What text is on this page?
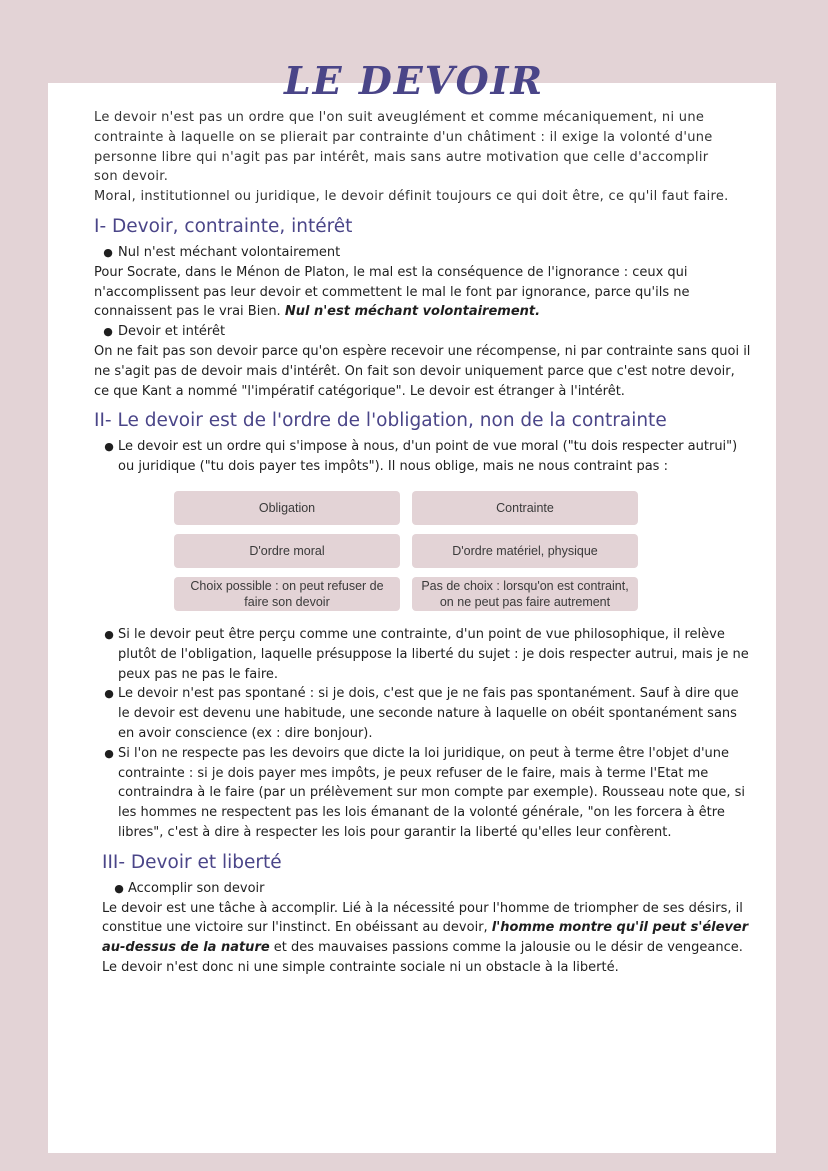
LE DEVOIR

Le devoir n'est pas un ordre que l'on suit aveuglément et comme mécaniquement, ni une contrainte à laquelle on se plierait par contrainte d'un châtiment : il exige la volonté d'une personne libre qui n'agit pas par intérêt, mais sans autre motivation que celle d'accomplir son devoir.

Moral, institutionnel ou juridique, le devoir définit toujours ce qui doit être, ce qu'il faut faire.

I- Devoir, contrainte, intérêt
● Nul n'est méchant volontairement

Pour Socrate, dans le Ménon de Platon, le mal est la conséquence de l'ignorance : ceux qui n'accomplissent pas leur devoir et commettent le mal le font par ignorance, parce qu'ils ne connaissent pas le vrai Bien. Nul n'est méchant volontairement.

● Devoir et intérêt

On ne fait pas son devoir parce qu'on espère recevoir une récompense, ni par contrainte sans quoi il ne s'agit pas de devoir mais d'intérêt. On fait son devoir uniquement parce que c'est notre devoir, ce que Kant a nommé "l'impératif catégorique". Le devoir est étranger à l'intérêt.

II- Le devoir est de l'ordre de l'obligation, non de la contrainte
● Le devoir est un ordre qui s'impose à nous, d'un point de vue moral ("tu dois respecter autrui") ou juridique ("tu dois payer tes impôts"). Il nous oblige, mais ne nous contraint pas :
Obligation	Contrainte
D'ordre moral	D'ordre matériel, physique
Choix possible : on peut refuser de faire son devoir
Pas de choix : lorsqu'on est contraint, on ne peut pas faire autrement
● Si le devoir peut être perçu comme une contrainte, d'un point de vue philosophique, il relève plutôt de l'obligation, laquelle présuppose la liberté du sujet : je dois respecter autrui, mais je ne peux pas ne pas le faire.
● Le devoir n'est pas spontané : si je dois, c'est que je ne fais pas spontanément. Sauf à dire que le devoir est devenu une habitude, une seconde nature à laquelle on obéit spontanément sans en avoir conscience (ex : dire bonjour).
● Si l'on ne respecte pas les devoirs que dicte la loi juridique, on peut à terme être l'objet d'une contrainte : si je dois payer mes impôts, je peux refuser de le faire, mais à terme l'Etat me contraindra à le faire (par un prélèvement sur mon compte par exemple). Rousseau note que, si les hommes ne respectent pas les lois émanant de la volonté générale, "on les forcera à être libres", c'est à dire à respecter les lois pour garantir la liberté qu'elles leur confèrent.
III- Devoir et liberté
● Accomplir son devoir

Le devoir est une tâche à accomplir. Lié à la nécessité pour l'homme de triompher de ses désirs, il constitue une victoire sur l'instinct. En obéissant au devoir, l'homme montre qu'il peut s'élever au-dessus de la nature et des mauvaises passions comme la jalousie ou le désir de vengeance. Le devoir n'est donc ni une simple contrainte sociale ni un obstacle à la liberté.
